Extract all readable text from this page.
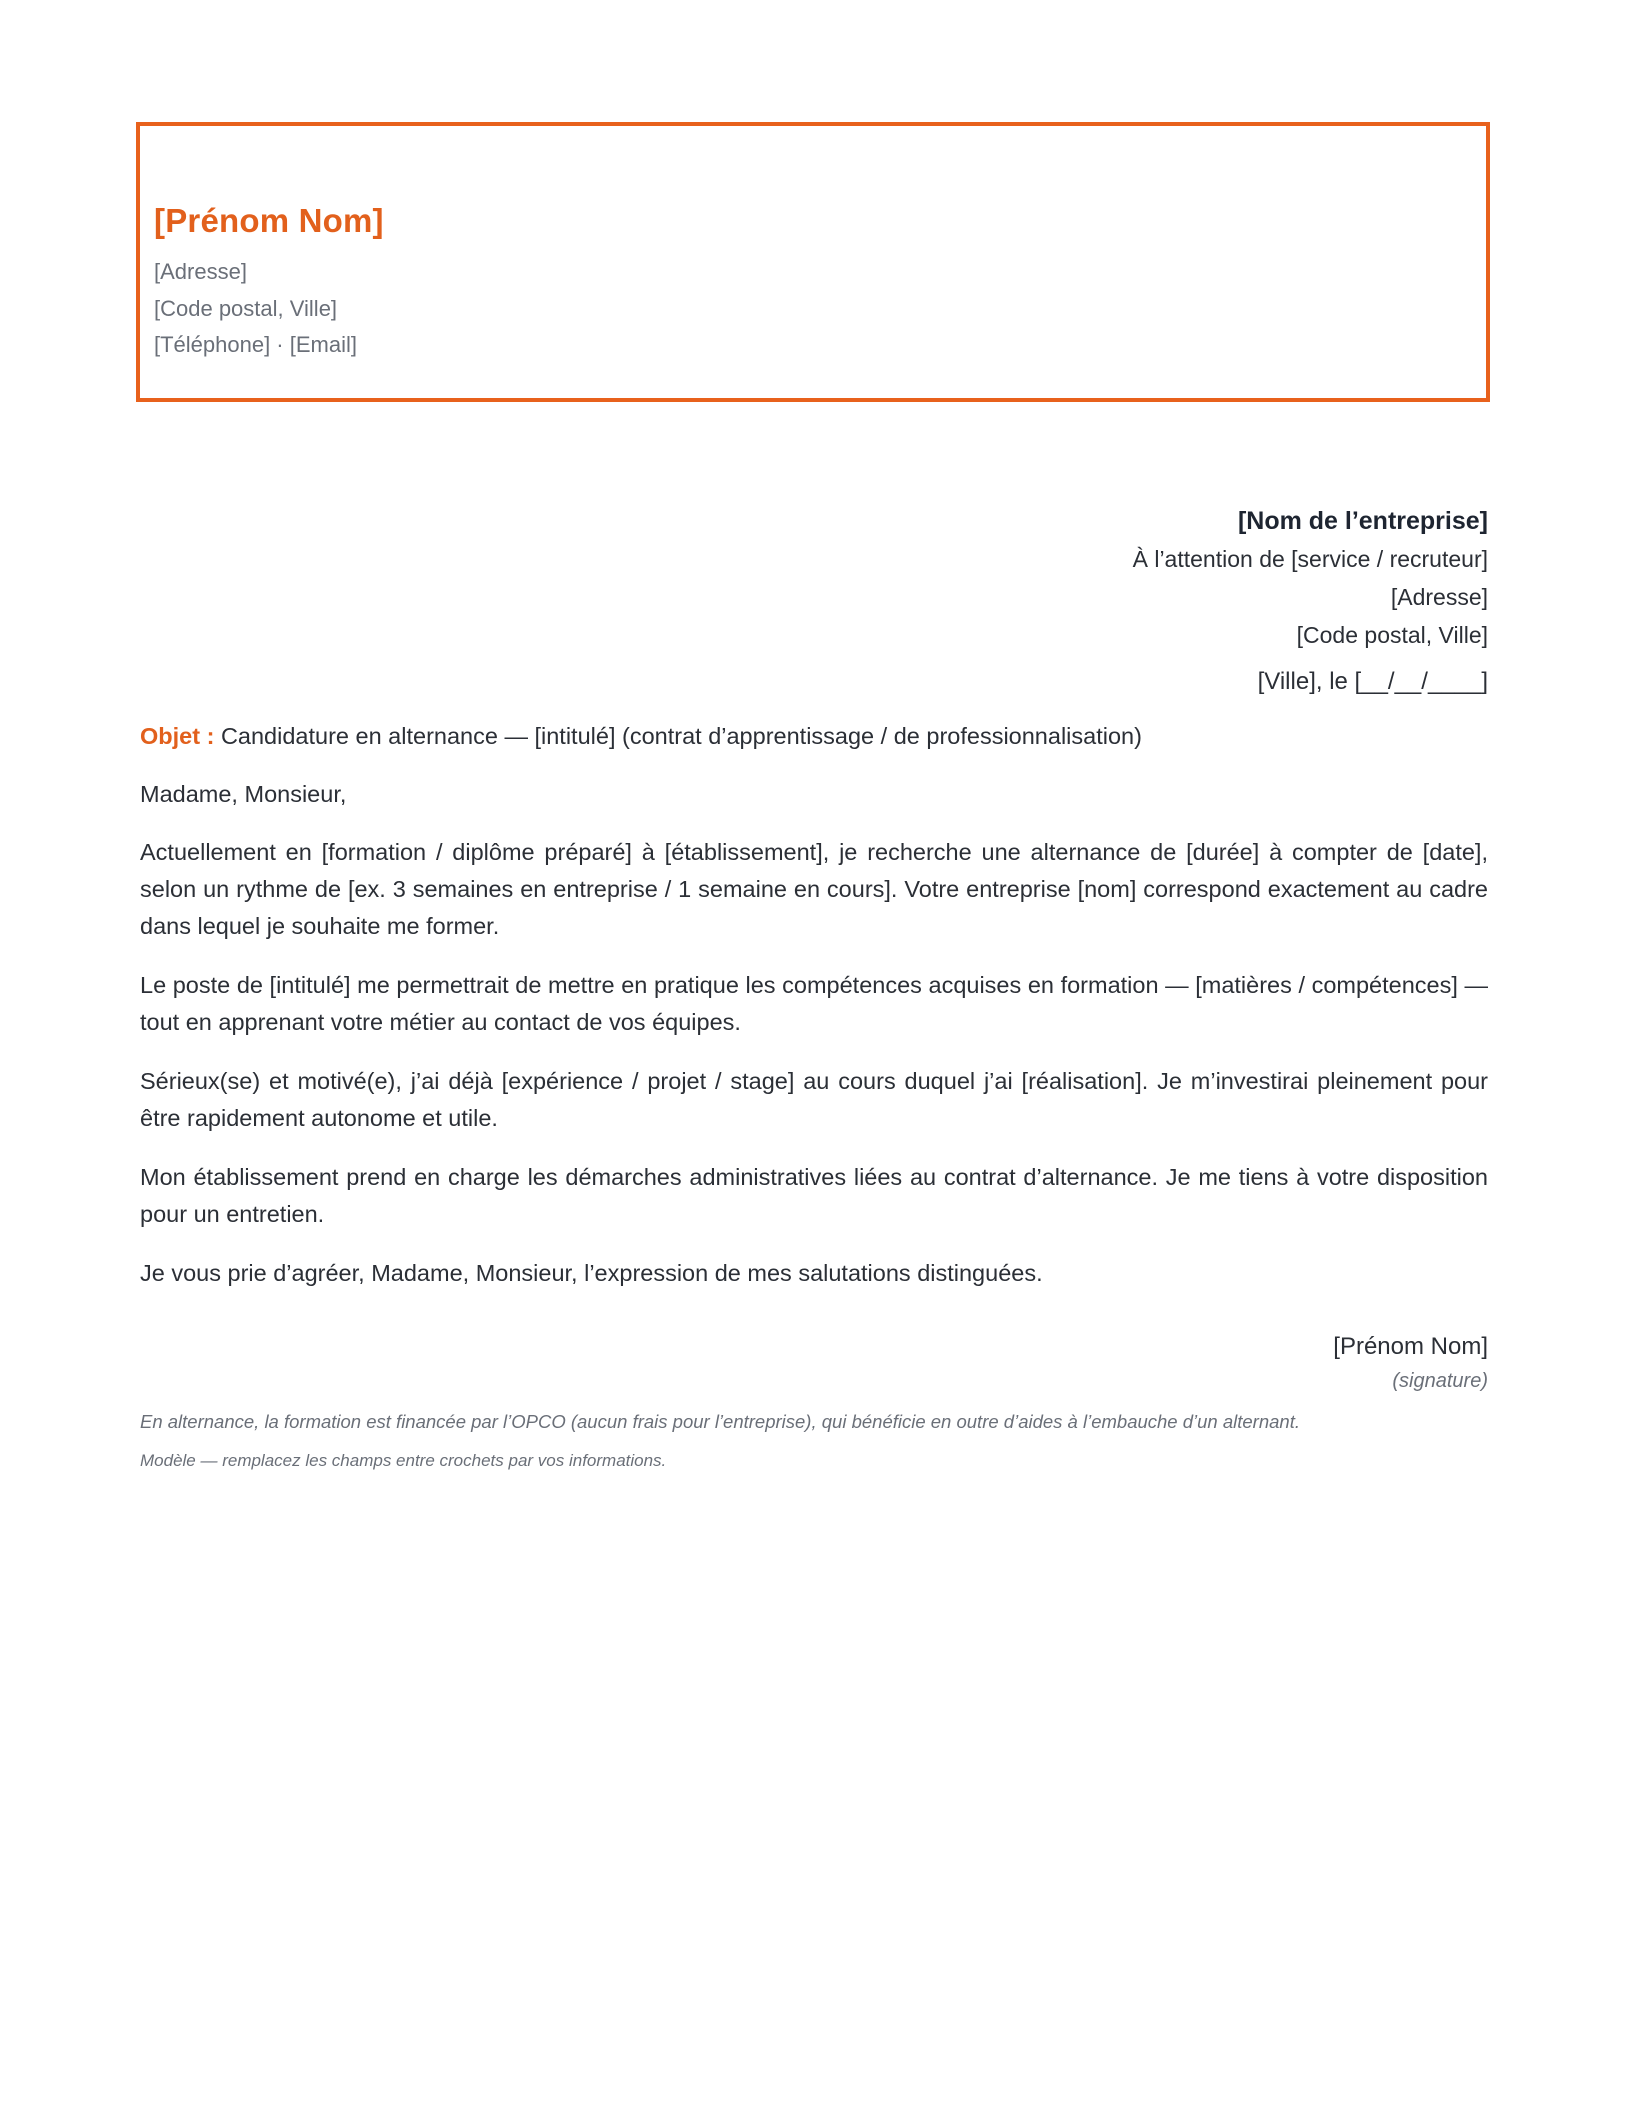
[Prénom Nom]
[Adresse]
[Code postal, Ville]
[Téléphone] · [Email]
[Nom de l’entreprise]
À l’attention de [service / recruteur]
[Adresse]
[Code postal, Ville]
[Ville], le [__/__/____]

Objet : Candidature en alternance — [intitulé] (contrat d’apprentissage / de professionnalisation)

Madame, Monsieur,

Actuellement en [formation / diplôme préparé] à [établissement], je recherche une alternance de [durée] à compter de [date], selon un rythme de [ex. 3 semaines en entreprise / 1 semaine en cours]. Votre entreprise [nom] correspond exactement au cadre dans lequel je souhaite me former.

Le poste de [intitulé] me permettrait de mettre en pratique les compétences acquises en formation — [matières / compétences] — tout en apprenant votre métier au contact de vos équipes.

Sérieux(se) et motivé(e), j’ai déjà [expérience / projet / stage] au cours duquel j’ai [réalisation]. Je m’investirai pleinement pour être rapidement autonome et utile.

Mon établissement prend en charge les démarches administratives liées au contrat d’alternance. Je me tiens à votre disposition pour un entretien.

Je vous prie d’agréer, Madame, Monsieur, l’expression de mes salutations distinguées.

[Prénom Nom]
(signature)
En alternance, la formation est financée par l’OPCO (aucun frais pour l’entreprise), qui bénéficie en outre d’aides à l’embauche d’un alternant.
Modèle — remplacez les champs entre crochets par vos informations.
